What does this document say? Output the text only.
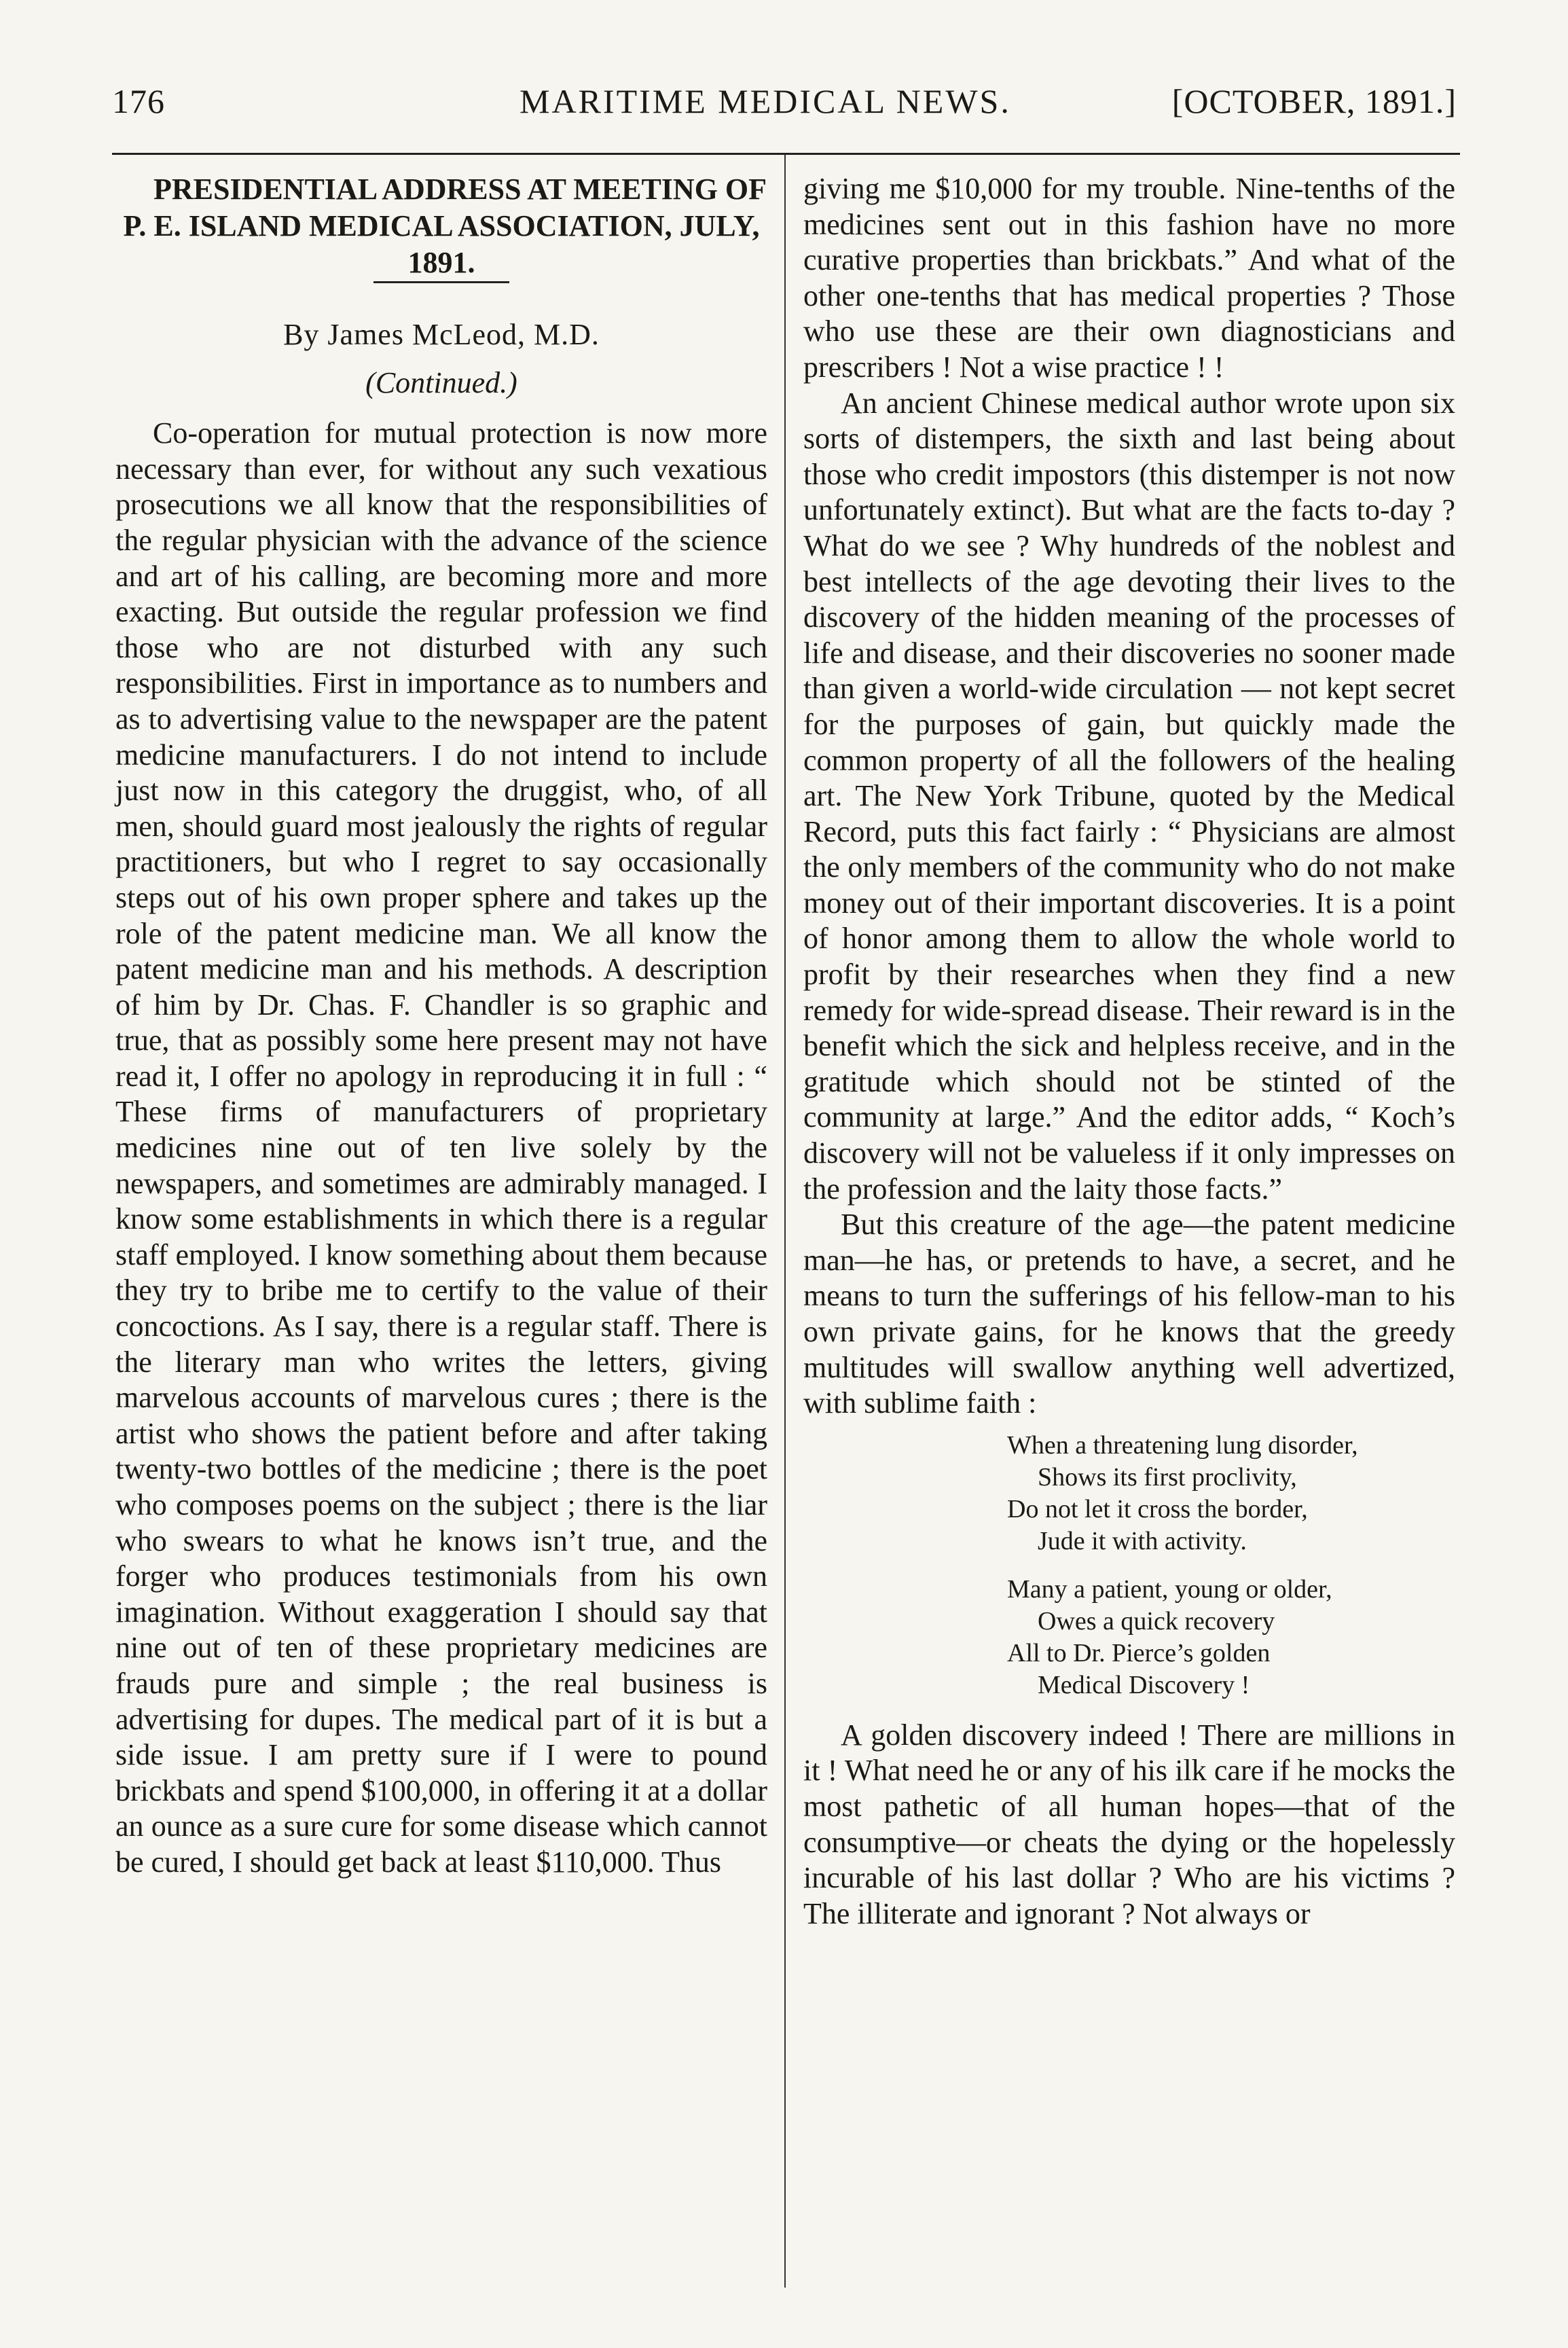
176	MARITIME MEDICAL NEWS.	[OCTOBER, 1891.]

PRESIDENTIAL ADDRESS AT MEETING OF P. E. ISLAND MEDICAL ASSOCIATION, JULY, 1891.

By James McLeod, M.D.
(Continued.)

Co-operation for mutual protection is now more necessary than ever, for without any such vexatious prosecutions we all know that the responsibilities of the regular physician with the advance of the science and art of his calling, are becoming more and more exacting. But outside the regular profession we find those who are not disturbed with any such responsibilities. First in importance as to numbers and as to advertising value to the newspaper are the patent medicine manufacturers. I do not intend to include just now in this category the druggist, who, of all men, should guard most jealously the rights of regular practitioners, but who I regret to say occasionally steps out of his own proper sphere and takes up the role of the patent medicine man. We all know the patent medicine man and his methods. A description of him by Dr. Chas. F. Chandler is so graphic and true, that as possibly some here present may not have read it, I offer no apology in reproducing it in full : “ These firms of manufacturers of proprietary medicines nine out of ten live solely by the newspapers, and sometimes are admirably managed. I know some establishments in which there is a regular staff employed. I know something about them because they try to bribe me to certify to the value of their concoctions. As I say, there is a regular staff. There is the literary man who writes the letters, giving marvelous accounts of marvelous cures ; there is the artist who shows the patient before and after taking twenty-two bottles of the medicine ; there is the poet who composes poems on the subject ; there is the liar who swears to what he knows isn’t true, and the forger who produces testimonials from his own imagination. Without exaggeration I should say that nine out of ten of these proprietary medicines are frauds pure and simple ; the real business is advertising for dupes. The medical part of it is but a side issue. I am pretty sure if I were to pound brickbats and spend $100,000, in offering it at a dollar an ounce as a sure cure for some disease which cannot be cured, I should get back at least $110,000. Thus

giving me $10,000 for my trouble. Nine-tenths of the medicines sent out in this fashion have no more curative properties than brickbats.” And what of the other one-tenths that has medical properties ? Those who use these are their own diagnosticians and prescribers ! Not a wise practice ! !

An ancient Chinese medical author wrote upon six sorts of distempers, the sixth and last being about those who credit impostors (this distemper is not now unfortunately extinct). But what are the facts to-day ? What do we see ? Why hundreds of the noblest and best intellects of the age devoting their lives to the discovery of the hidden meaning of the processes of life and disease, and their discoveries no sooner made than given a world-wide circulation — not kept secret for the purposes of gain, but quickly made the common property of all the followers of the healing art. The New York Tribune, quoted by the Medical Record, puts this fact fairly : “ Physicians are almost the only members of the community who do not make money out of their important discoveries. It is a point of honor among them to allow the whole world to profit by their researches when they find a new remedy for wide-spread disease. Their reward is in the benefit which the sick and helpless receive, and in the gratitude which should not be stinted of the community at large.” And the editor adds, “ Koch’s discovery will not be valueless if it only impresses on the profession and the laity those facts.”

But this creature of the age—the patent medicine man—he has, or pretends to have, a secret, and he means to turn the sufferings of his fellow-man to his own private gains, for he knows that the greedy multitudes will swallow anything well advertized, with sublime faith :

When a threatening lung disorder,
Shows its first proclivity,
Do not let it cross the border,
Jude it with activity.
Many a patient, young or older,
Owes a quick recovery
All to Dr. Pierce’s golden
Medical Discovery !

A golden discovery indeed ! There are millions in it ! What need he or any of his ilk care if he mocks the most pathetic of all human hopes—that of the consumptive—or cheats the dying or the hopelessly incurable of his last dollar ? Who are his victims ? The illiterate and ignorant ? Not always or
